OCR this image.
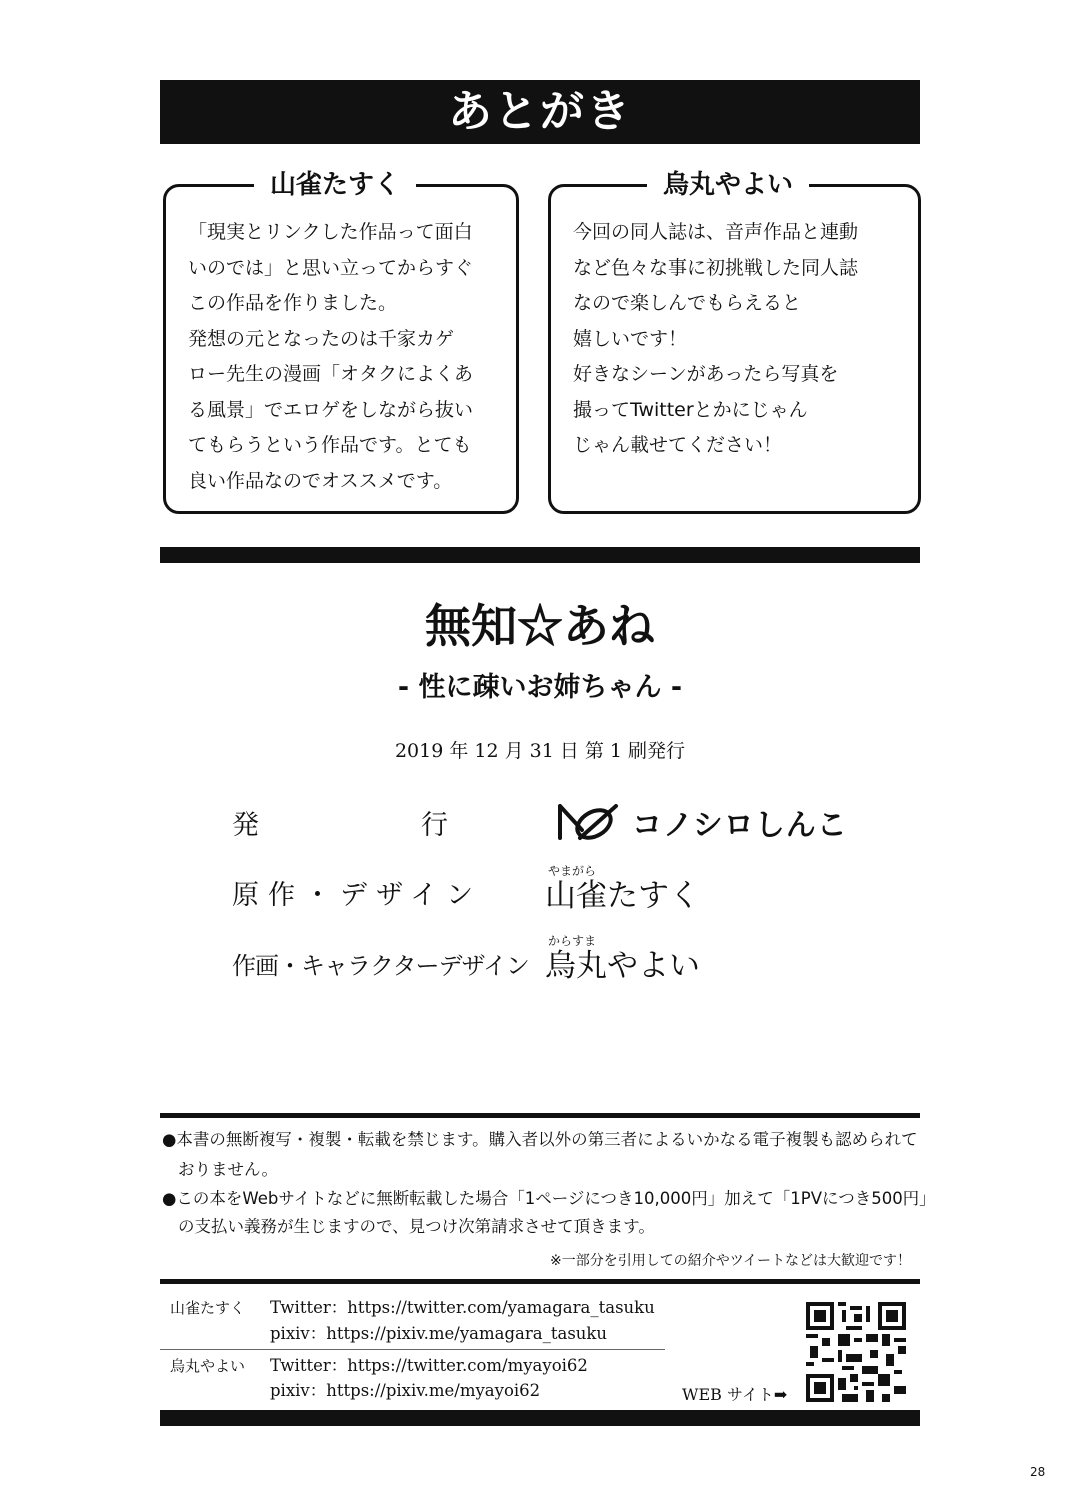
あとがき
山雀たすく

「現実とリンクした作品って面白

いのでは」と思い立ってからすぐ

この作品を作りました。

発想の元となったのは千家カゲ

ロー先生の漫画「オタクによくあ

る風景」でエロゲをしながら抜い

てもらうという作品です。とても

良い作品なのでオススメです。

烏丸やよい

今回の同人誌は、音声作品と連動

など色々な事に初挑戦した同人誌

なので楽しんでもらえると

嬉しいです！

好きなシーンがあったら写真を

撮ってTwitterとかにじゃん

じゃん載せてください！

無知☆あね
- 性に疎いお姉ちゃん -
2019 年 12 月 31 日 第 1 刷発行
発　　　　　　行	コノシロしんこ
原作・デザイン
やまがら
山雀たすく
作画・キャラクターデザイン
からすま
烏丸やよい
●本書の無断複写・複製・転載を禁じます。購入者以外の第三者によるいかなる電子複製も認められて
おりません。
●この本をWebサイトなどに無断転載した場合「1ページにつき10,000円」加えて「1PVにつき500円」
の支払い義務が生じますので、見つけ次第請求させて頂きます。
※一部分を引用しての紹介やツイートなどは大歓迎です！
山雀たすく Twitter：https://twitter.com/yamagara_tasuku
pixiv：https://pixiv.me/yamagara_tasuku
烏丸やよい Twitter：https://twitter.com/myayoi62
pixiv：https://pixiv.me/myayoi62	WEB サイト➡
28
